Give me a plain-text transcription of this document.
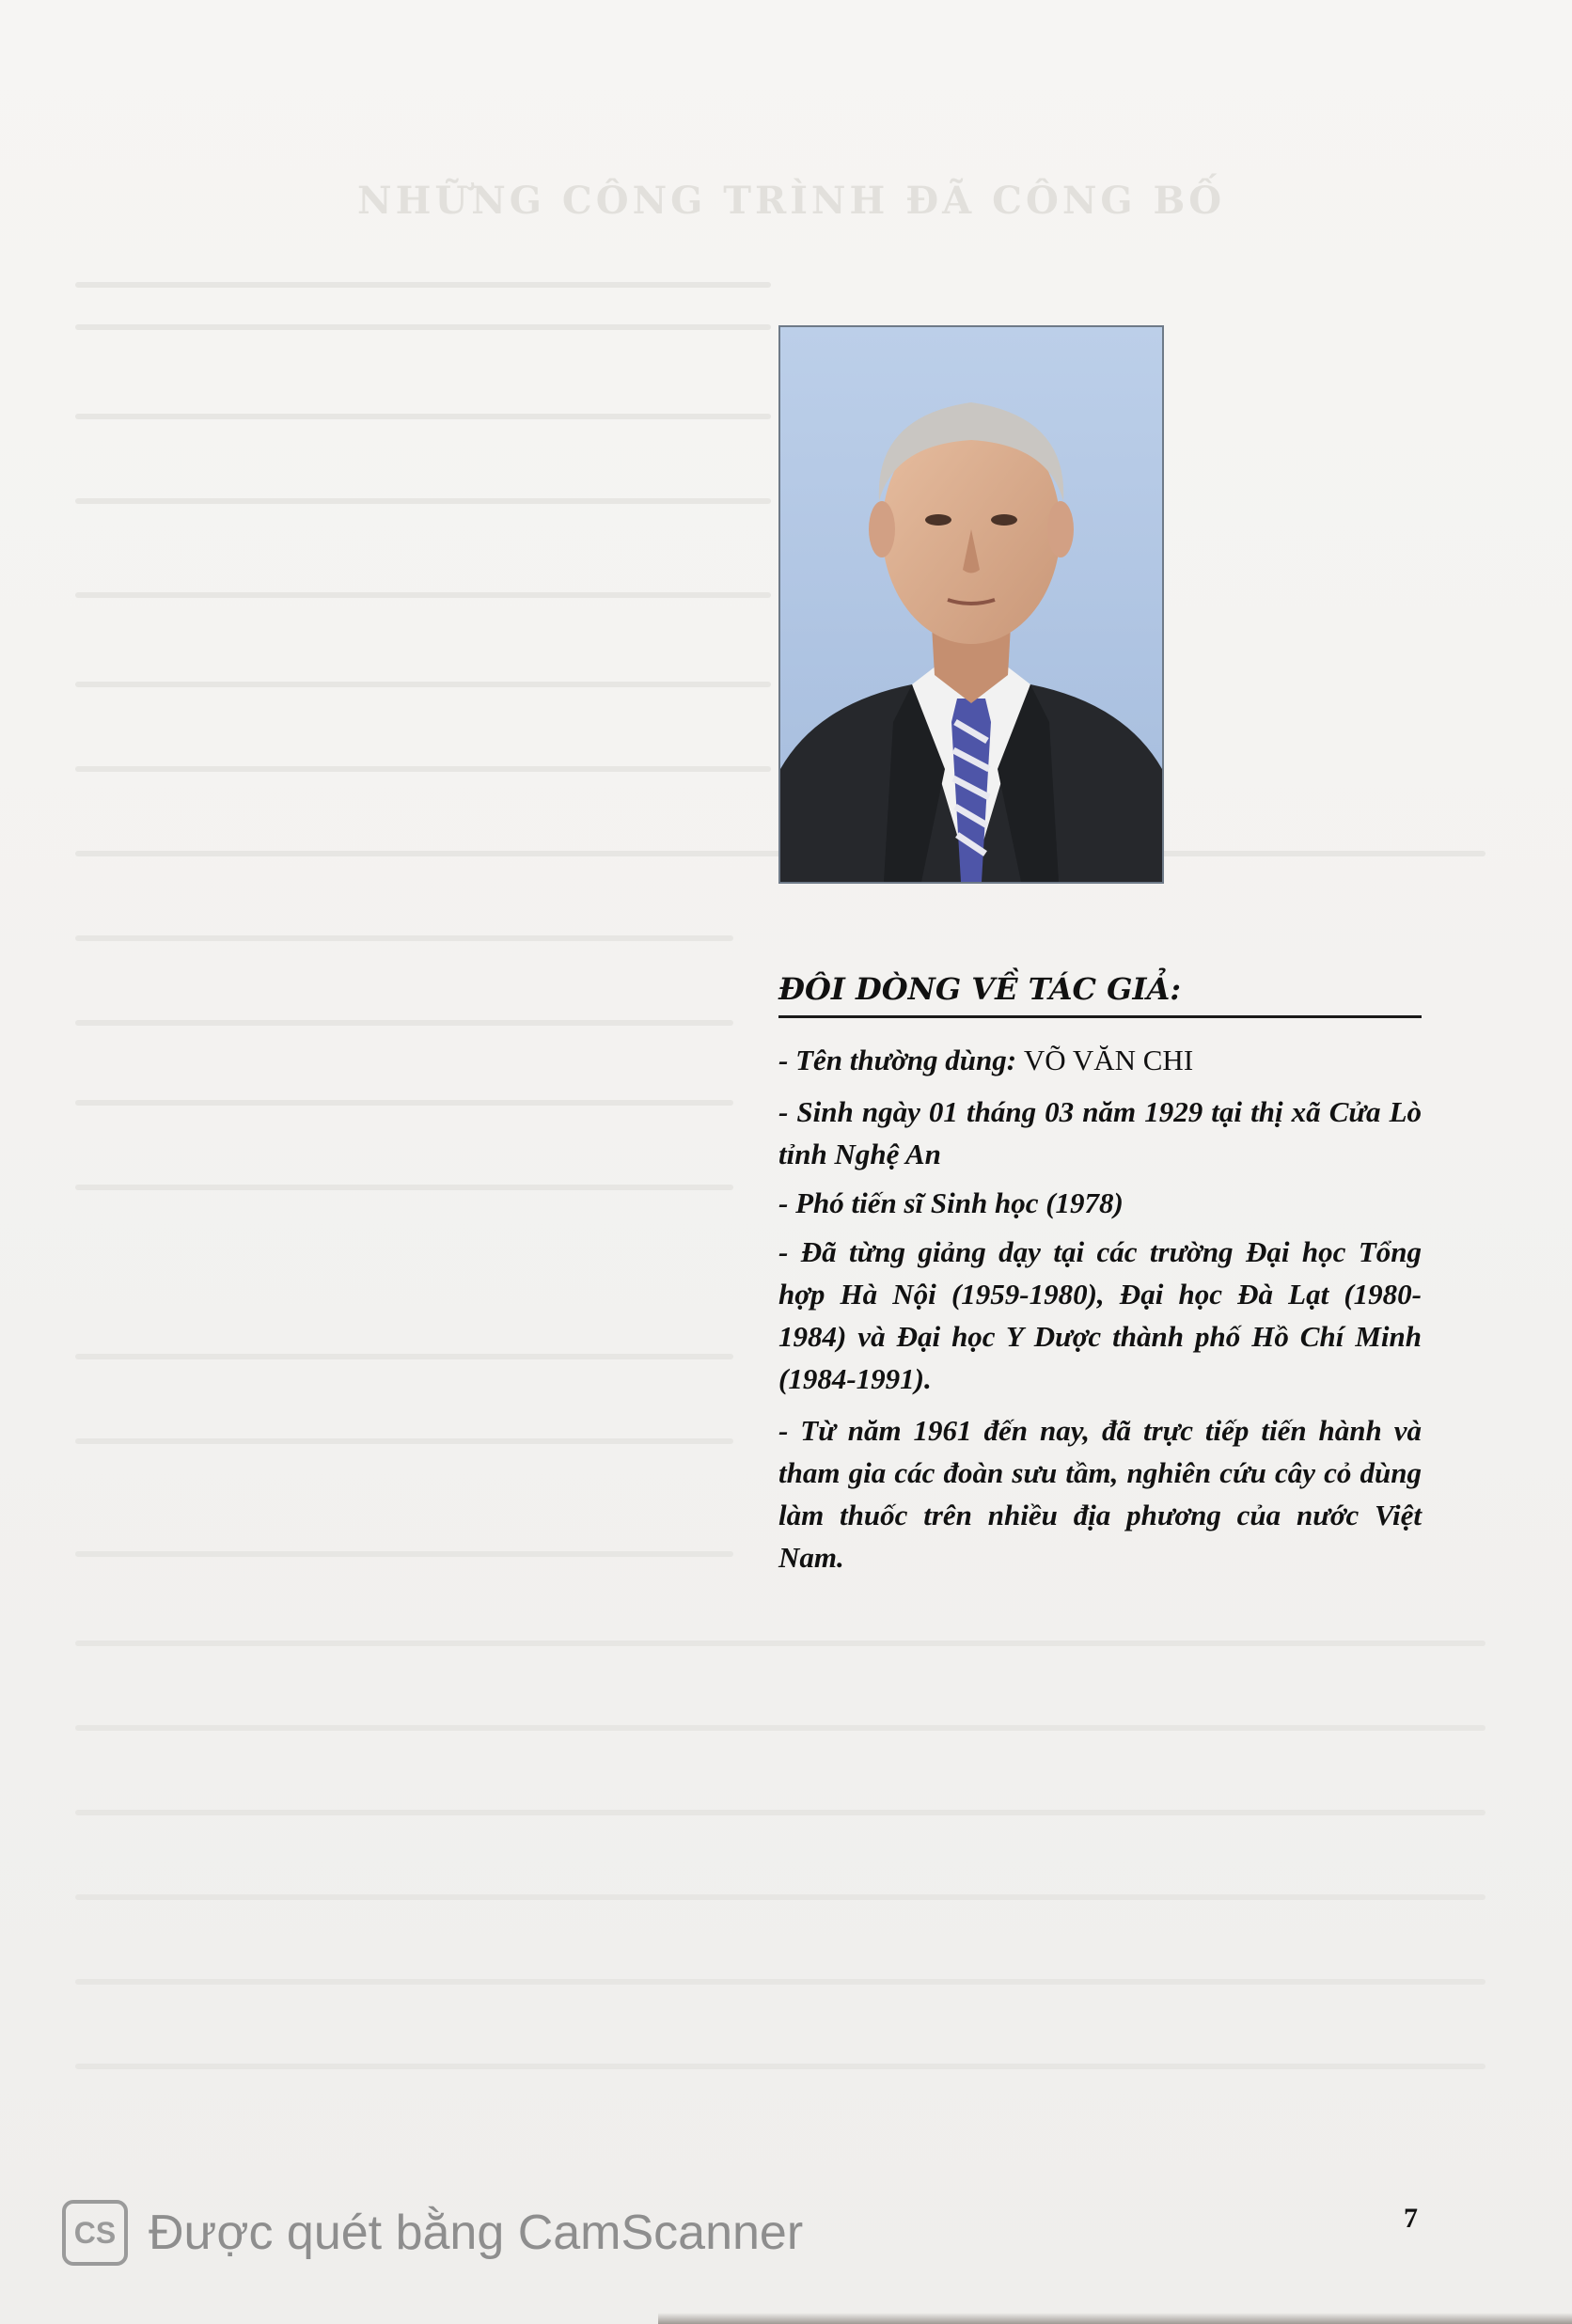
NHỮNG CÔNG TRÌNH ĐÃ CÔNG BỐ
ĐÔI DÒNG VỀ TÁC GIẢ:

- Tên thường dùng: VÕ VĂN CHI

- Sinh ngày 01 tháng 03 năm 1929 tại thị xã Cửa Lò tỉnh Nghệ An

- Phó tiến sĩ Sinh học (1978)

- Đã từng giảng dạy tại các trường Đại học Tổng hợp Hà Nội (1959-1980), Đại học Đà Lạt (1980-1984) và Đại học Y Dược thành phố Hồ Chí Minh (1984-1991).

- Từ năm 1961 đến nay, đã trực tiếp tiến hành và tham gia các đoàn sưu tầm, nghiên cứu cây cỏ dùng làm thuốc trên nhiều địa phương của nước Việt Nam.

7
CS Được quét bằng CamScanner
